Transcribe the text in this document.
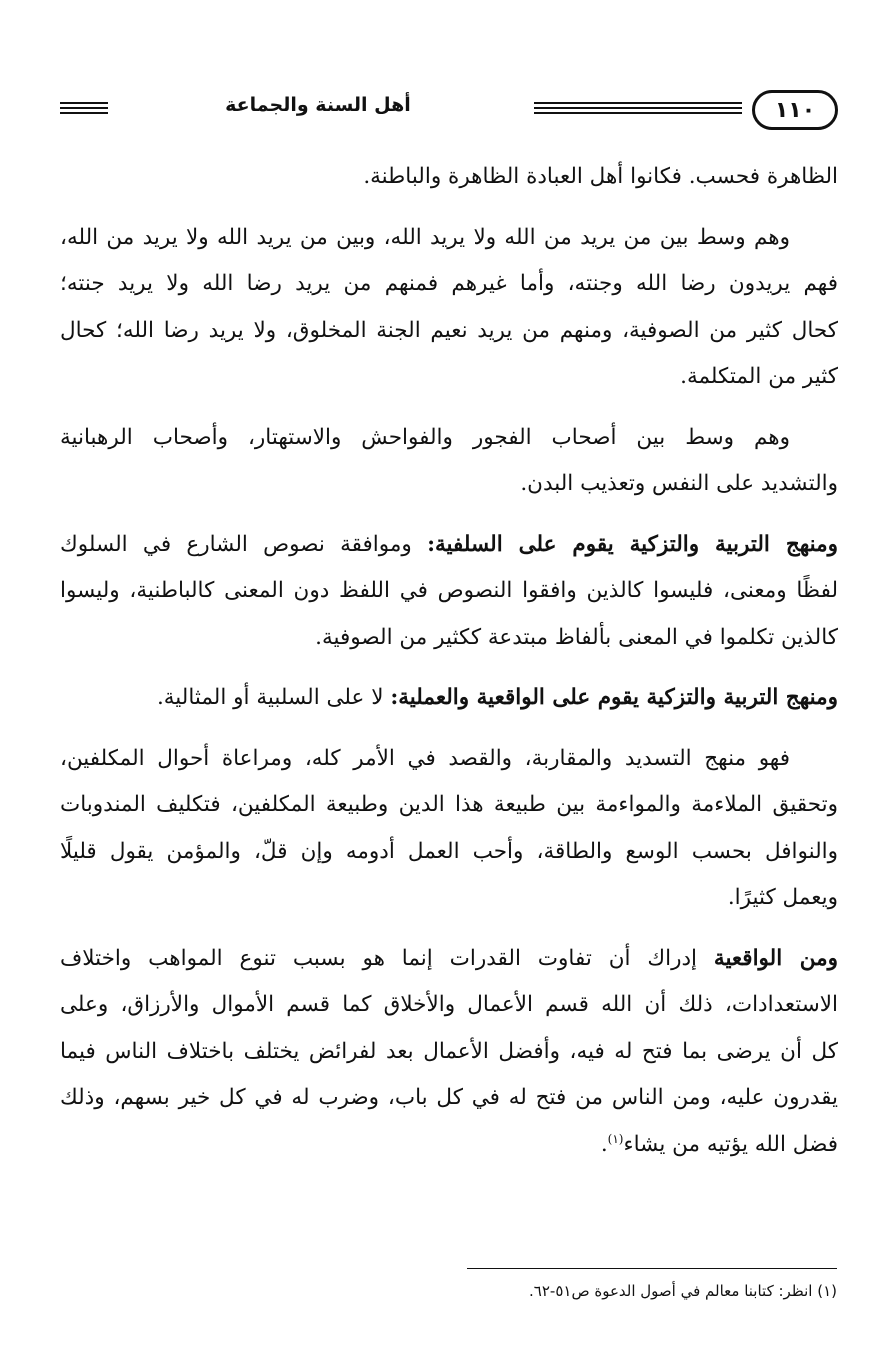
١١٠
أهل السنة والجماعة
الظاهرة فحسب. فكانوا أهل العبادة الظاهرة والباطنة.
وهم وسط بين من يريد من الله ولا يريد الله، وبين من يريد الله ولا يريد من الله،
فهم يريدون رضا الله وجنته، وأما غيرهم فمنهم من يريد رضا الله ولا يريد جنته؛
كحال كثير من الصوفية، ومنهم من يريد نعيم الجنة المخلوق، ولا يريد رضا الله؛ كحال
كثير من المتكلمة.
وهم وسط بين أصحاب الفجور والفواحش والاستهتار، وأصحاب الرهبانية
والتشديد على النفس وتعذيب البدن.
ومنهج التربية والتزكية يقوم على السلفية: وموافقة نصوص الشارع في السلوك
لفظًا ومعنى، فليسوا كالذين وافقوا النصوص في اللفظ دون المعنى كالباطنية، وليسوا
كالذين تكلموا في المعنى بألفاظ مبتدعة ككثير من الصوفية.
ومنهج التربية والتزكية يقوم على الواقعية والعملية: لا على السلبية أو المثالية.
فهو منهج التسديد والمقاربة، والقصد في الأمر كله، ومراعاة أحوال المكلفين،
وتحقيق الملاءمة والمواءمة بين طبيعة هذا الدين وطبيعة المكلفين، فتكليف المندوبات
والنوافل بحسب الوسع والطاقة، وأحب العمل أدومه وإن قلّ، والمؤمن يقول قليلًا
ويعمل كثيرًا.
ومن الواقعية إدراك أن تفاوت القدرات إنما هو بسبب تنوع المواهب واختلاف
الاستعدادات، ذلك أن الله قسم الأعمال والأخلاق كما قسم الأموال والأرزاق، وعلى
كل أن يرضى بما فتح له فيه، وأفضل الأعمال بعد لفرائض يختلف باختلاف الناس فيما
يقدرون عليه، ومن الناس من فتح له في كل باب، وضرب له في كل خير بسهم، وذلك
فضل الله يؤتيه من يشاء$^{(١)}$.
(١) انظر: كتابنا معالم في أصول الدعوة ص٥١-٦٢.
